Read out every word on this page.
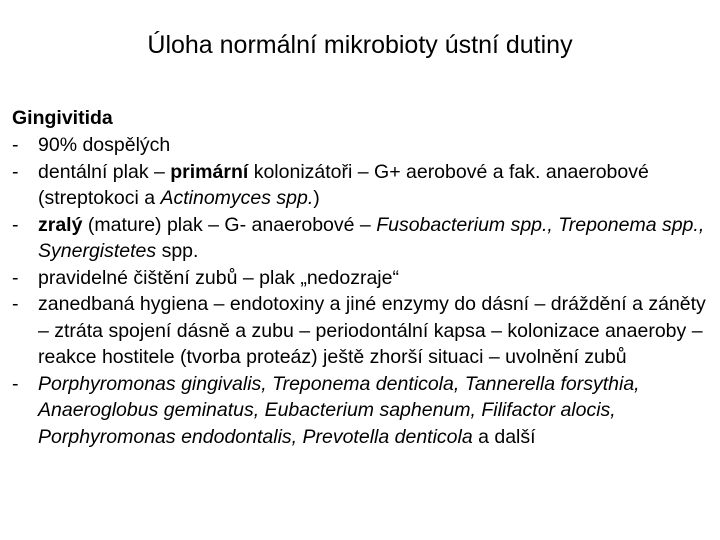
Úloha normální mikrobioty ústní dutiny
Gingivitida
-	90% dospělých
-	dentální plak – primární kolonizátoři – G+ aerobové a fak. anaerobové (streptokoci a Actinomyces spp.)
-	zralý (mature) plak – G- anaerobové – Fusobacterium spp., Treponema spp., Synergistetes spp.
-	pravidelné čištění zubů – plak „nedozraje“
-	zanedbaná hygiena – endotoxiny a jiné enzymy do dásní – dráždění a záněty – ztráta spojení dásně a zubu – periodontální kapsa – kolonizace anaeroby – reakce hostitele (tvorba proteáz) ještě zhorší situaci – uvolnění zubů
-	Porphyromonas gingivalis, Treponema denticola, Tannerella forsythia, Anaeroglobus geminatus, Eubacterium saphenum, Filifactor alocis, Porphyromonas endodontalis, Prevotella denticola a další
